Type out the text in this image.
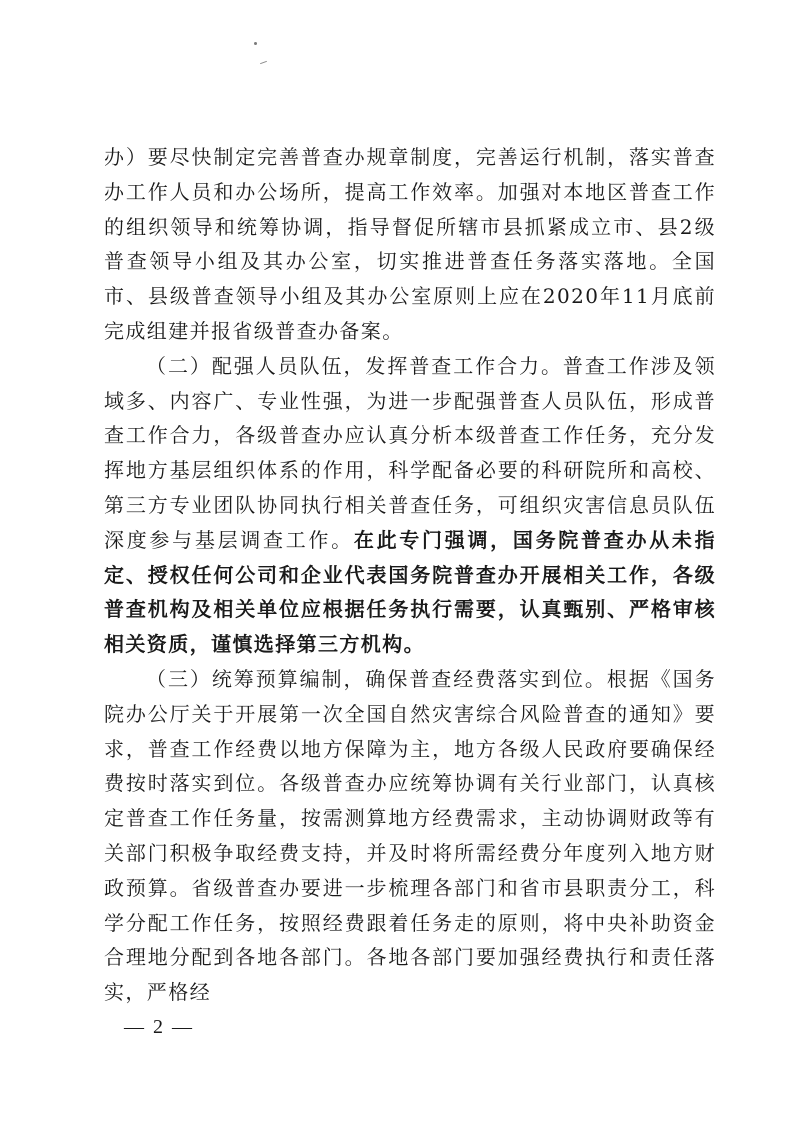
办）要尽快制定完善普查办规章制度，完善运行机制，落实普查办工作人员和办公场所，提高工作效率。加强对本地区普查工作的组织领导和统筹协调，指导督促所辖市县抓紧成立市、县2级普查领导小组及其办公室，切实推进普查任务落实落地。全国市、县级普查领导小组及其办公室原则上应在2020年11月底前完成组建并报省级普查办备案。

（二）配强人员队伍，发挥普查工作合力。普查工作涉及领域多、内容广、专业性强，为进一步配强普查人员队伍，形成普查工作合力，各级普查办应认真分析本级普查工作任务，充分发挥地方基层组织体系的作用，科学配备必要的科研院所和高校、第三方专业团队协同执行相关普查任务，可组织灾害信息员队伍深度参与基层调查工作。在此专门强调，国务院普查办从未指定、授权任何公司和企业代表国务院普查办开展相关工作，各级普查机构及相关单位应根据任务执行需要，认真甄别、严格审核相关资质，谨慎选择第三方机构。

（三）统筹预算编制，确保普查经费落实到位。根据《国务院办公厅关于开展第一次全国自然灾害综合风险普查的通知》要求，普查工作经费以地方保障为主，地方各级人民政府要确保经费按时落实到位。各级普查办应统筹协调有关行业部门，认真核定普查工作任务量，按需测算地方经费需求，主动协调财政等有关部门积极争取经费支持，并及时将所需经费分年度列入地方财政预算。省级普查办要进一步梳理各部门和省市县职责分工，科学分配工作任务，按照经费跟着任务走的原则，将中央补助资金合理地分配到各地各部门。各地各部门要加强经费执行和责任落实，严格经

— 2 —
